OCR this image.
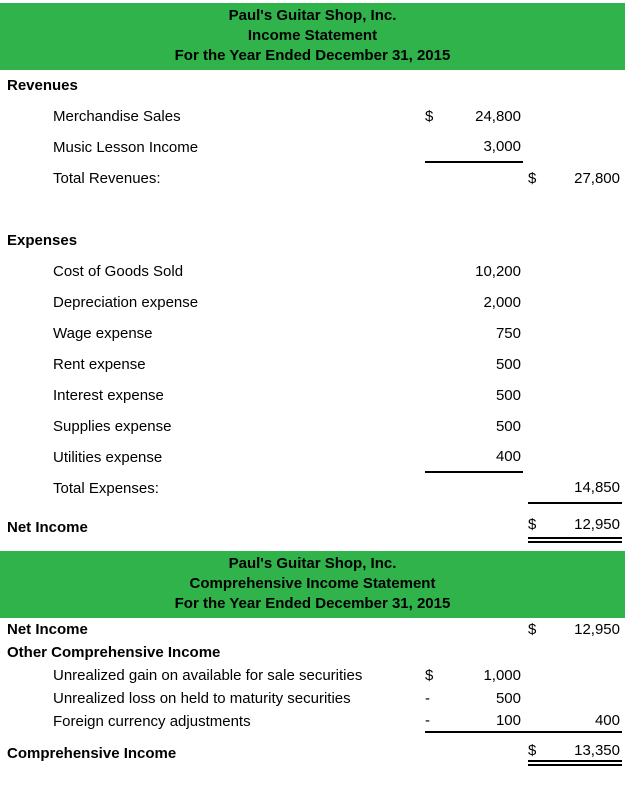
Paul's Guitar Shop, Inc.
Income Statement
For the Year Ended December 31, 2015
Revenues
Merchandise Sales	$	24,800
Music Lesson Income	3,000
Total Revenues:	$	27,800
Expenses
Cost of Goods Sold	10,200
Depreciation expense	2,000
Wage expense	750
Rent expense	500
Interest expense	500
Supplies expense	500
Utilities expense	400
Total Expenses:	14,850
Net Income	$	12,950
Paul's Guitar Shop, Inc.
Comprehensive Income Statement
For the Year Ended December 31, 2015
Net Income	$	12,950
Other Comprehensive Income
Unrealized gain on available for sale securities	$	1,000
Unrealized loss on held to maturity securities	-	500
Foreign currency adjustments	-	100	400
Comprehensive Income	$	13,350
